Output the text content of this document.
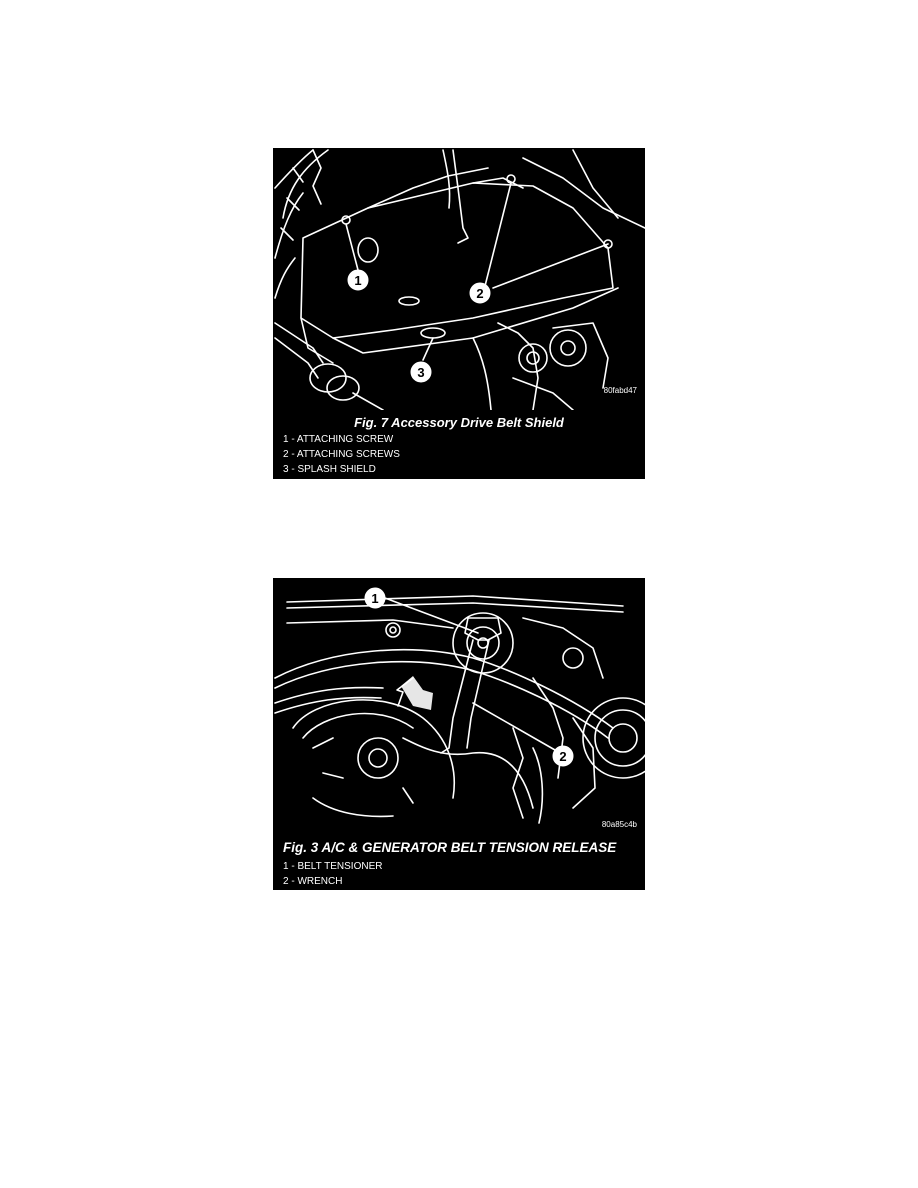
1
2
3
80fabd47
Fig. 7 Accessory Drive Belt Shield
1 - ATTACHING SCREW
2 - ATTACHING SCREWS
3 - SPLASH SHIELD
1
2
80a85c4b
Fig. 3 A/C & GENERATOR BELT TENSION RELEASE
1 - BELT TENSIONER
2 - WRENCH
